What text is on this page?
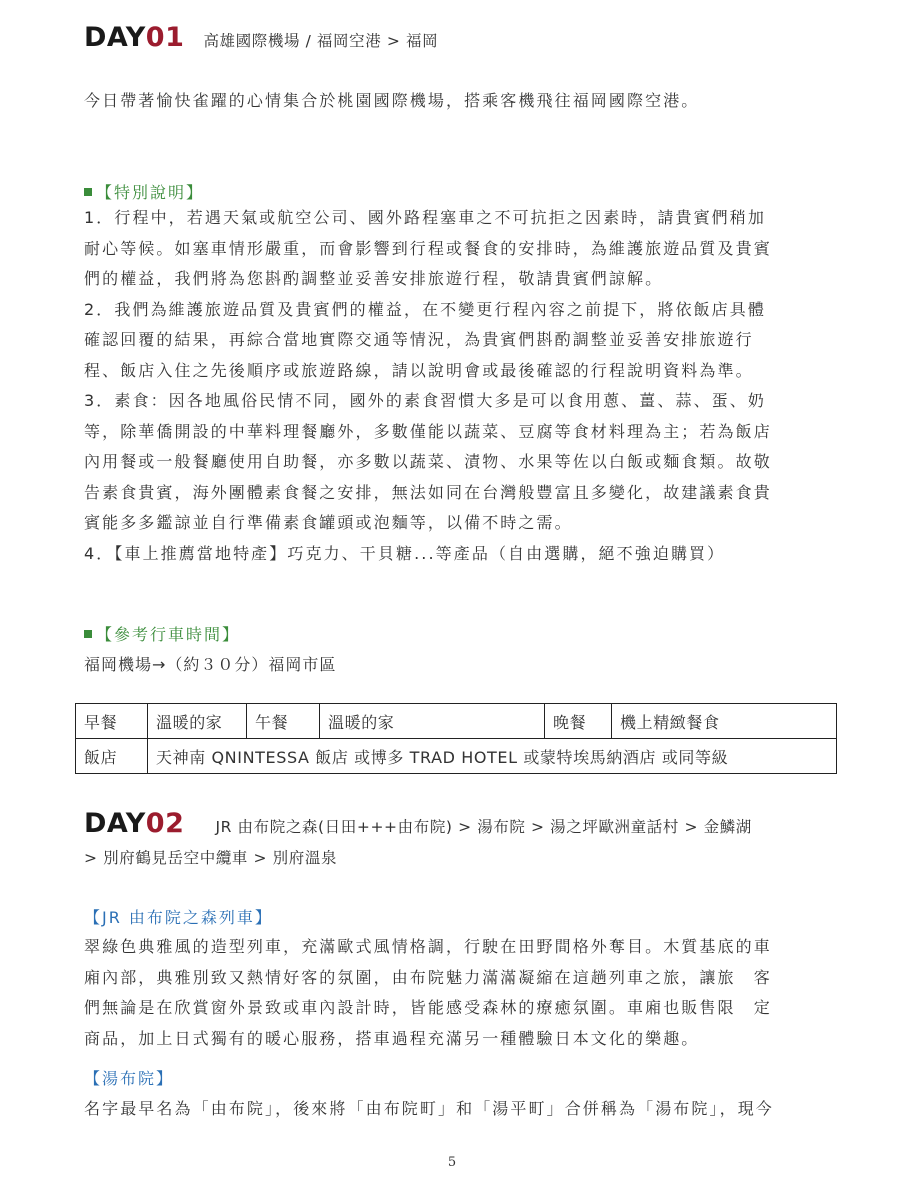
DAY01 高雄國際機場 / 福岡空港 > 福岡
今日帶著愉快雀躍的心情集合於桃園國際機場，搭乘客機飛往福岡國際空港。
【特別說明】
1．行程中，若遇天氣或航空公司、國外路程塞車之不可抗拒之因素時，請貴賓們稍加
耐心等候。如塞車情形嚴重，而會影響到行程或餐食的安排時，為維護旅遊品質及貴賓
們的權益，我們將為您斟酌調整並妥善安排旅遊行程，敬請貴賓們諒解。
2．我們為維護旅遊品質及貴賓們的權益，在不變更行程內容之前提下，將依飯店具體
確認回覆的結果，再綜合當地實際交通等情況，為貴賓們斟酌調整並妥善安排旅遊行
程、飯店入住之先後順序或旅遊路線，請以說明會或最後確認的行程說明資料為準。
3．素食：因各地風俗民情不同，國外的素食習慣大多是可以食用蔥、薑、蒜、蛋、奶
等，除華僑開設的中華料理餐廳外，多數僅能以蔬菜、豆腐等食材料理為主；若為飯店
內用餐或一般餐廳使用自助餐，亦多數以蔬菜、漬物、水果等佐以白飯或麵食類。故敬
告素食貴賓，海外團體素食餐之安排，無法如同在台灣般豐富且多變化，故建議素食貴
賓能多多鑑諒並自行準備素食罐頭或泡麵等，以備不時之需。
4．【車上推薦當地特產】巧克力、干貝糖...等產品（自由選購，絕不強迫購買）
【參考行車時間】
福岡機場→（約３０分）福岡市區
早餐	溫暖的家	午餐	溫暖的家	晚餐	機上精緻餐食
飯店	天神南 QNINTESSA 飯店 或博多 TRAD HOTEL 或蒙特埃馬納酒店 或同等級				
DAY02 JR 由布院之森(日田+++由布院) > 湯布院 > 湯之坪歐洲童話村 > 金鱗湖
> 別府鶴見岳空中纜車 > 別府溫泉
【JR 由布院之森列車】
翠綠色典雅風的造型列車，充滿歐式風情格調，行駛在田野間格外奪目。木質基底的車
廂內部，典雅別致又熱情好客的氛圍，由布院魅力滿滿凝縮在這趟列車之旅，讓旅　客
們無論是在欣賞窗外景致或車內設計時，皆能感受森林的療癒氛圍。車廂也販售限　定
商品，加上日式獨有的暖心服務，搭車過程充滿另一種體驗日本文化的樂趣。
【湯布院】
名字最早名為「由布院」，後來將「由布院町」和「湯平町」合併稱為「湯布院」，現今
5
